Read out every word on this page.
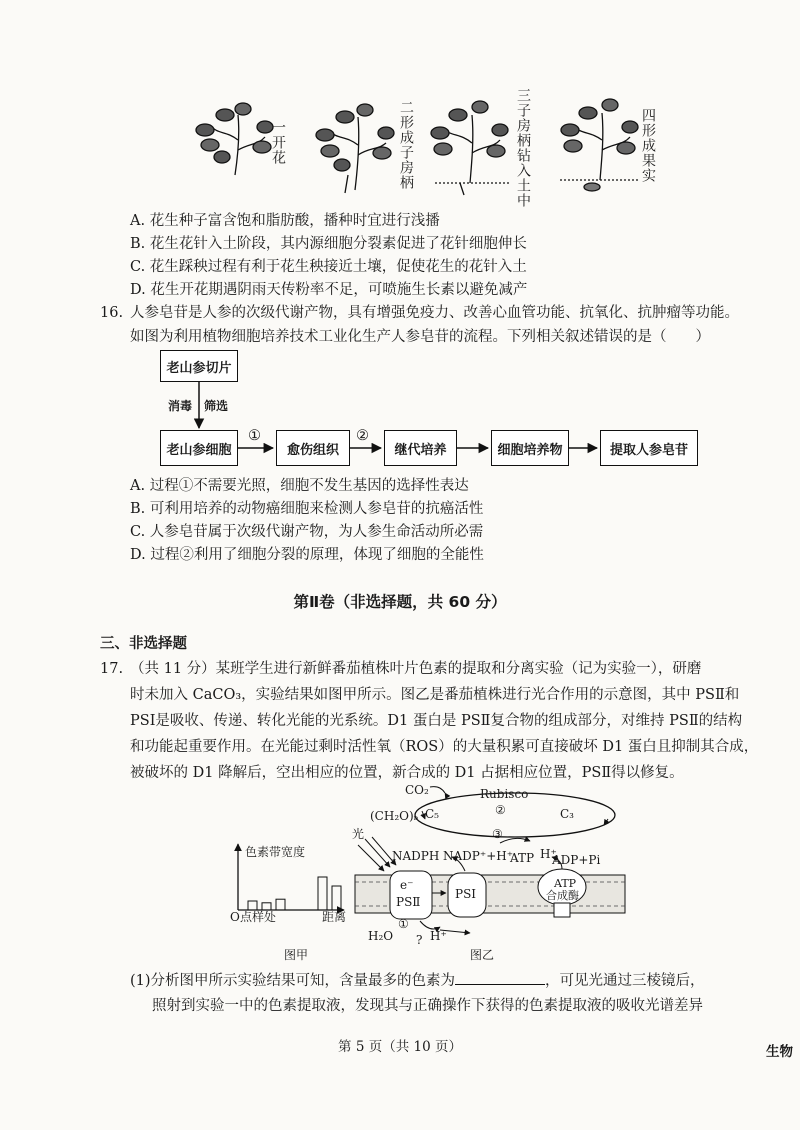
一开花	二形成子房柄	三子房柄钻入土中	四形成果实
A. 花生种子富含饱和脂肪酸，播种时宜进行浅播
B. 花生花针入土阶段，其内源细胞分裂素促进了花针细胞伸长
C. 花生踩秧过程有利于花生秧接近土壤，促使花生的花针入土
D. 花生开花期遇阴雨天传粉率不足，可喷施生长素以避免减产
16. 人参皂苷是人参的次级代谢产物，具有增强免疫力、改善心血管功能、抗氧化、抗肿瘤等功能。
如图为利用植物细胞培养技术工业化生产人参皂苷的流程。下列相关叙述错误的是（　　）
老山参切片
消毒 筛选
老山参细胞
①
愈伤组织
②
继代培养	细胞培养物	提取人参皂苷
A. 过程①不需要光照，细胞不发生基因的选择性表达
B. 可利用培养的动物癌细胞来检测人参皂苷的抗癌活性
C. 人参皂苷属于次级代谢产物，为人参生命活动所必需
D. 过程②利用了细胞分裂的原理，体现了细胞的全能性
第Ⅱ卷（非选择题，共 60 分）
三、非选择题
17. （共 11 分）某班学生进行新鲜番茄植株叶片色素的提取和分离实验（记为实验一），研磨
时未加入 CaCO₃，实验结果如图甲所示。图乙是番茄植株进行光合作用的示意图，其中 PSⅡ和
PSⅠ是吸收、传递、转化光能的光系统。D1 蛋白是 PSⅡ复合物的组成部分，对维持 PSⅡ的结构
和功能起重要作用。在光能过剩时活性氧（ROS）的大量积累可直接破坏 D1 蛋白且抑制其合成，
被破坏的 D1 降解后，空出相应的位置，新合成的 D1 占据相应位置，PSⅡ得以修复。
色素带宽度
O 点样处	距离
图甲
CO₂	Rubisco
②
C₅	C₃
(CH₂O)ₙ
③
光
NADPH NADP⁺+H⁺
ATP H⁺
ADP+Pi
e⁻
PSⅡ
PSⅠ
ATP
合成酶
①
H₂O ? H⁺
图乙
(1)分析图甲所示实验结果可知，含量最多的色素为	，可见光通过三棱镜后，
照射到实验一中的色素提取液，发现其与正确操作下获得的色素提取液的吸收光谱差异
第 5 页（共 10 页）	生物
